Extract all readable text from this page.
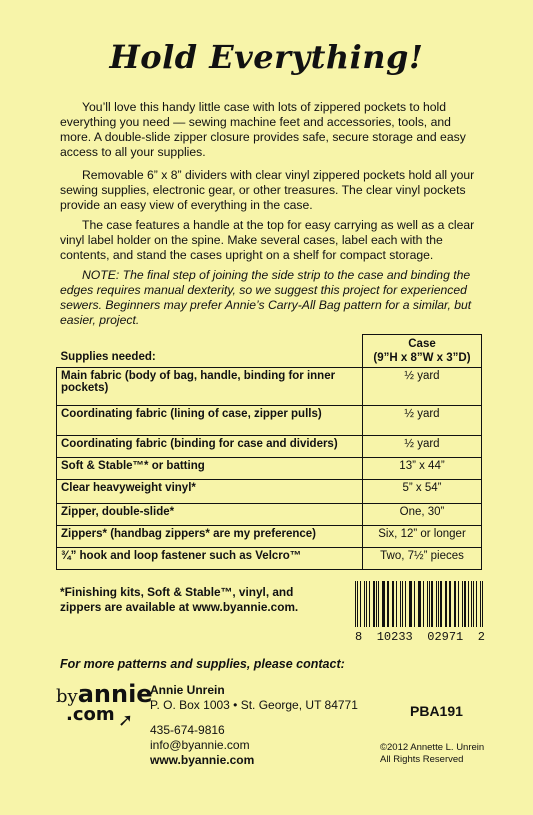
Hold Everything!
You’ll love this handy little case with lots of zippered pockets to hold everything you need — sewing machine feet and accessories, tools, and more. A double-slide zipper closure provides safe, secure storage and easy access to all your supplies.
Removable 6” x 8” dividers with clear vinyl zippered pockets hold all your sewing supplies, electronic gear, or other treasures. The clear vinyl pockets provide an easy view of everything in the case.
The case features a handle at the top for easy carrying as well as a clear vinyl label holder on the spine. Make several cases, label each with the contents, and stand the cases upright on a shelf for compact storage.
NOTE: The final step of joining the side strip to the case and binding the edges requires manual dexterity, so we suggest this project for experienced sewers. Beginners may prefer Annie’s Carry-All Bag pattern for a similar, but easier, project.
Supplies needed:	Case
(9”H x 8”W x 3”D)

Main fabric (body of bag, handle, binding for inner pockets)	½ yard
Coordinating fabric (lining of case, zipper pulls)	½ yard
Coordinating fabric (binding for case and dividers)	½ yard
Soft & Stable™* or batting	13” x 44”
Clear heavyweight vinyl*	5” x 54”
Zipper, double-slide*	One, 30”
Zippers* (handbag zippers* are my preference)	Six, 12” or longer
¾” hook and loop fastener such as Velcro™	Two, 7½” pieces
*Finishing kits, Soft & Stable™, vinyl, and zippers are available at www.byannie.com.
8 10233 02971 2
For more patterns and supplies, please contact:
byannie
.com ➚
Annie Unrein
P. O. Box 1003 • St. George, UT 84771
435-674-9816
info@byannie.com
www.byannie.com
PBA191
©2012 Annette L. Unrein
All Rights Reserved
